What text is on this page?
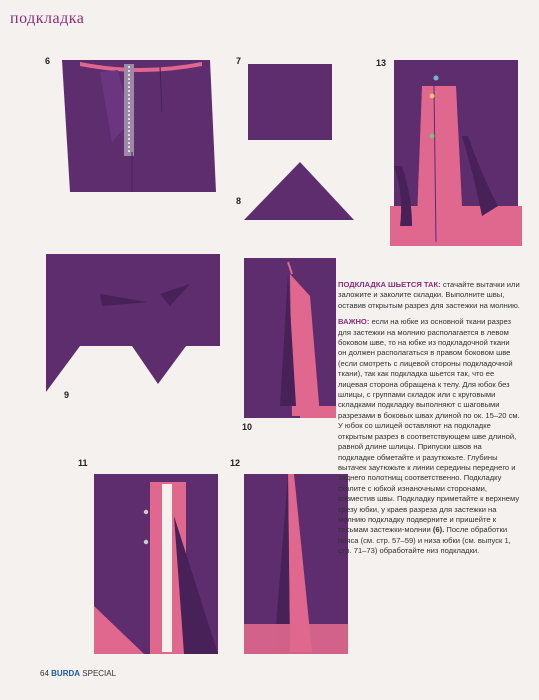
подкладка
6	7
8
13
9
10
11	12

ПОДКЛАДКА ШЬЕТСЯ ТАК: стачайте вытачки или заложите и заколите складки. Выполните швы, оставив открытым разрез для застежки на молнию.

ВАЖНО: если на юбке из основной ткани разрез для застежки на молнию располагается в левом боковом шве, то на юбке из подкладочной ткани он должен располагаться в правом боковом шве (если смотреть с лицевой стороны подкладочной ткани), так как подкладка шьется так, что ее лицевая сторона обращена к телу. Для юбок без шлицы, с группами складок или с круговыми складками подкладку выполняют с шаговыми разрезами в боковых швах длиной по ок. 15–20 см. У юбок со шлицей оставляют на подкладке открытым разрез в соответствующем шве длиной, равной длине шлицы. Припуски швов на подкладке обметайте и разутюжьте. Глубины вытачек заутюжьте к линии середины переднего и заднего полотнищ соответственно. Подкладку сколите с юбкой изнаночными сторонами, совместив швы. Подкладку приметайте к верхнему срезу юбки, у краев разреза для застежки на молнию подкладку подверните и пришейте к тесьмам застежки-молнии (6). После обработки пояса (см. стр. 57–59) и низа юбки (см. выпуск 1, стр. 71–73) обработайте низ подкладки.

64 BURDA SPECIAL
